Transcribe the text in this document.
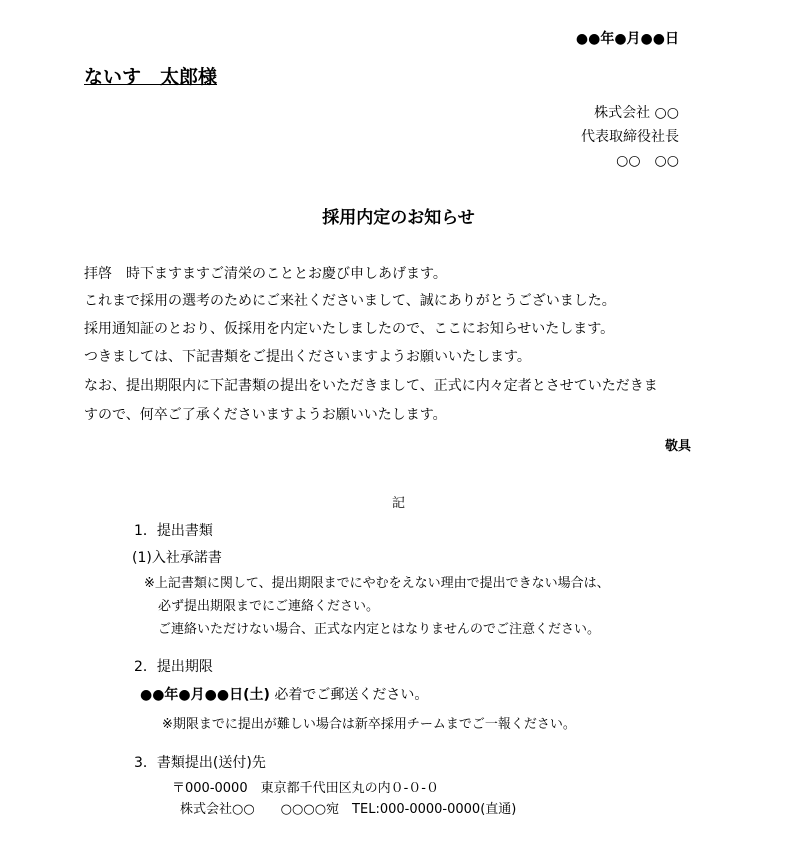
●●年●月●●日
ないす　太郎様
株式会社 ○○
代表取締役社長
○○　○○
採用内定のお知らせ
拝啓　時下ますますご清栄のこととお慶び申しあげます。
これまで採用の選考のためにご来社くださいまして、誠にありがとうございました。
採用通知証のとおり、仮採用を内定いたしましたので、ここにお知らせいたします。
つきましては、下記書類をご提出くださいますようお願いいたします。
なお、提出期限内に下記書類の提出をいただきまして、正式に内々定者とさせていただきま
すので、何卒ご了承くださいますようお願いいたします。
敬具
記
1．提出書類
(1)入社承諾書
※上記書類に関して、提出期限までにやむをえない理由で提出できない場合は、
必ず提出期限までにご連絡ください。
ご連絡いただけない場合、正式な内定とはなりませんのでご注意ください。
2．提出期限
●●年●月●●日(土) 必着でご郵送ください。
※期限までに提出が難しい場合は新卒採用チームまでご一報ください。
3．書類提出(送付)先
〒000-0000　東京都千代田区丸の内０-０-０
株式会社○○　　○○○○宛　TEL:000-0000-0000(直通)
